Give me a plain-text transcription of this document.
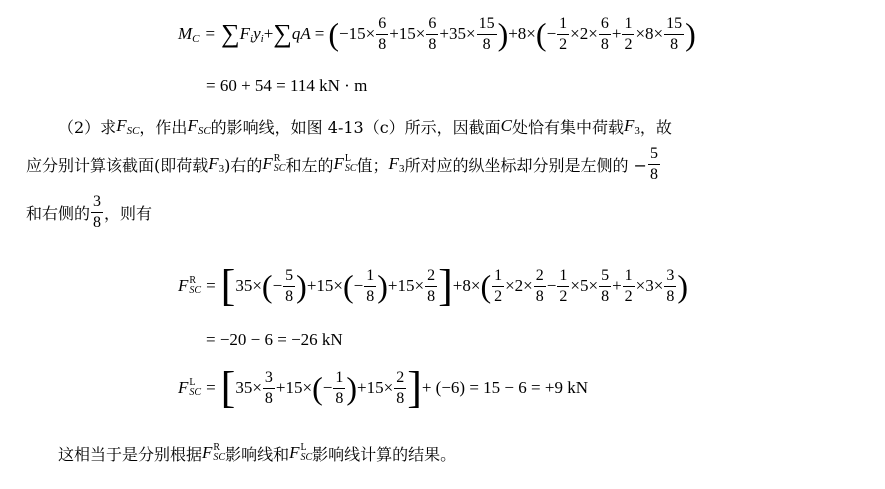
M C = ∑ F i y i + ∑ qA = ( $-15\times \frac{6}{8} +15\times \frac{6}{8} +35\times \frac{15}{8}$ ) +8× ( − $\frac{1}{2} \times 2\times \frac{6}{8} + \frac{1}{2} \times 8\times \frac{15}{8}$ )
= 60 + 54 = 114 kN · m
（2）求 F SC ，作出 F SC 的影响线，如图 4-13（c）所示，因截面 C 处恰有集中荷载 F 3 ，故
应分别计算该截面(即荷载 F 3 )右的 F R
SC 和左的 F L
SC 值； F 3 所对应的纵坐标却分别是左侧的 − $\frac{5}{8}$
和右侧的 $\frac{3}{8}$ ，则有
F R
SC = [ 35× ( − $\frac{5}{8}$ ) +15× ( − $\frac{1}{8}$ ) $+15\times \frac{2}{8}$ ] +8× ( $\frac{1}{2} \times 2\times \frac{2}{8} - \frac{1}{2} \times 5\times \frac{5}{8} + \frac{1}{2} \times 3\times \frac{3}{8}$ )
= −20 − 6 = −26 kN
F L
SC = [ $35\times \frac{3}{8} +15\times$ ( − $\frac{1}{8}$ ) $+15\times \frac{2}{8}$ ] + (−6) = 15 − 6 = +9 kN
这相当于是分别根据 F R
SC 影响线和 F L
SC 影响线计算的结果。
